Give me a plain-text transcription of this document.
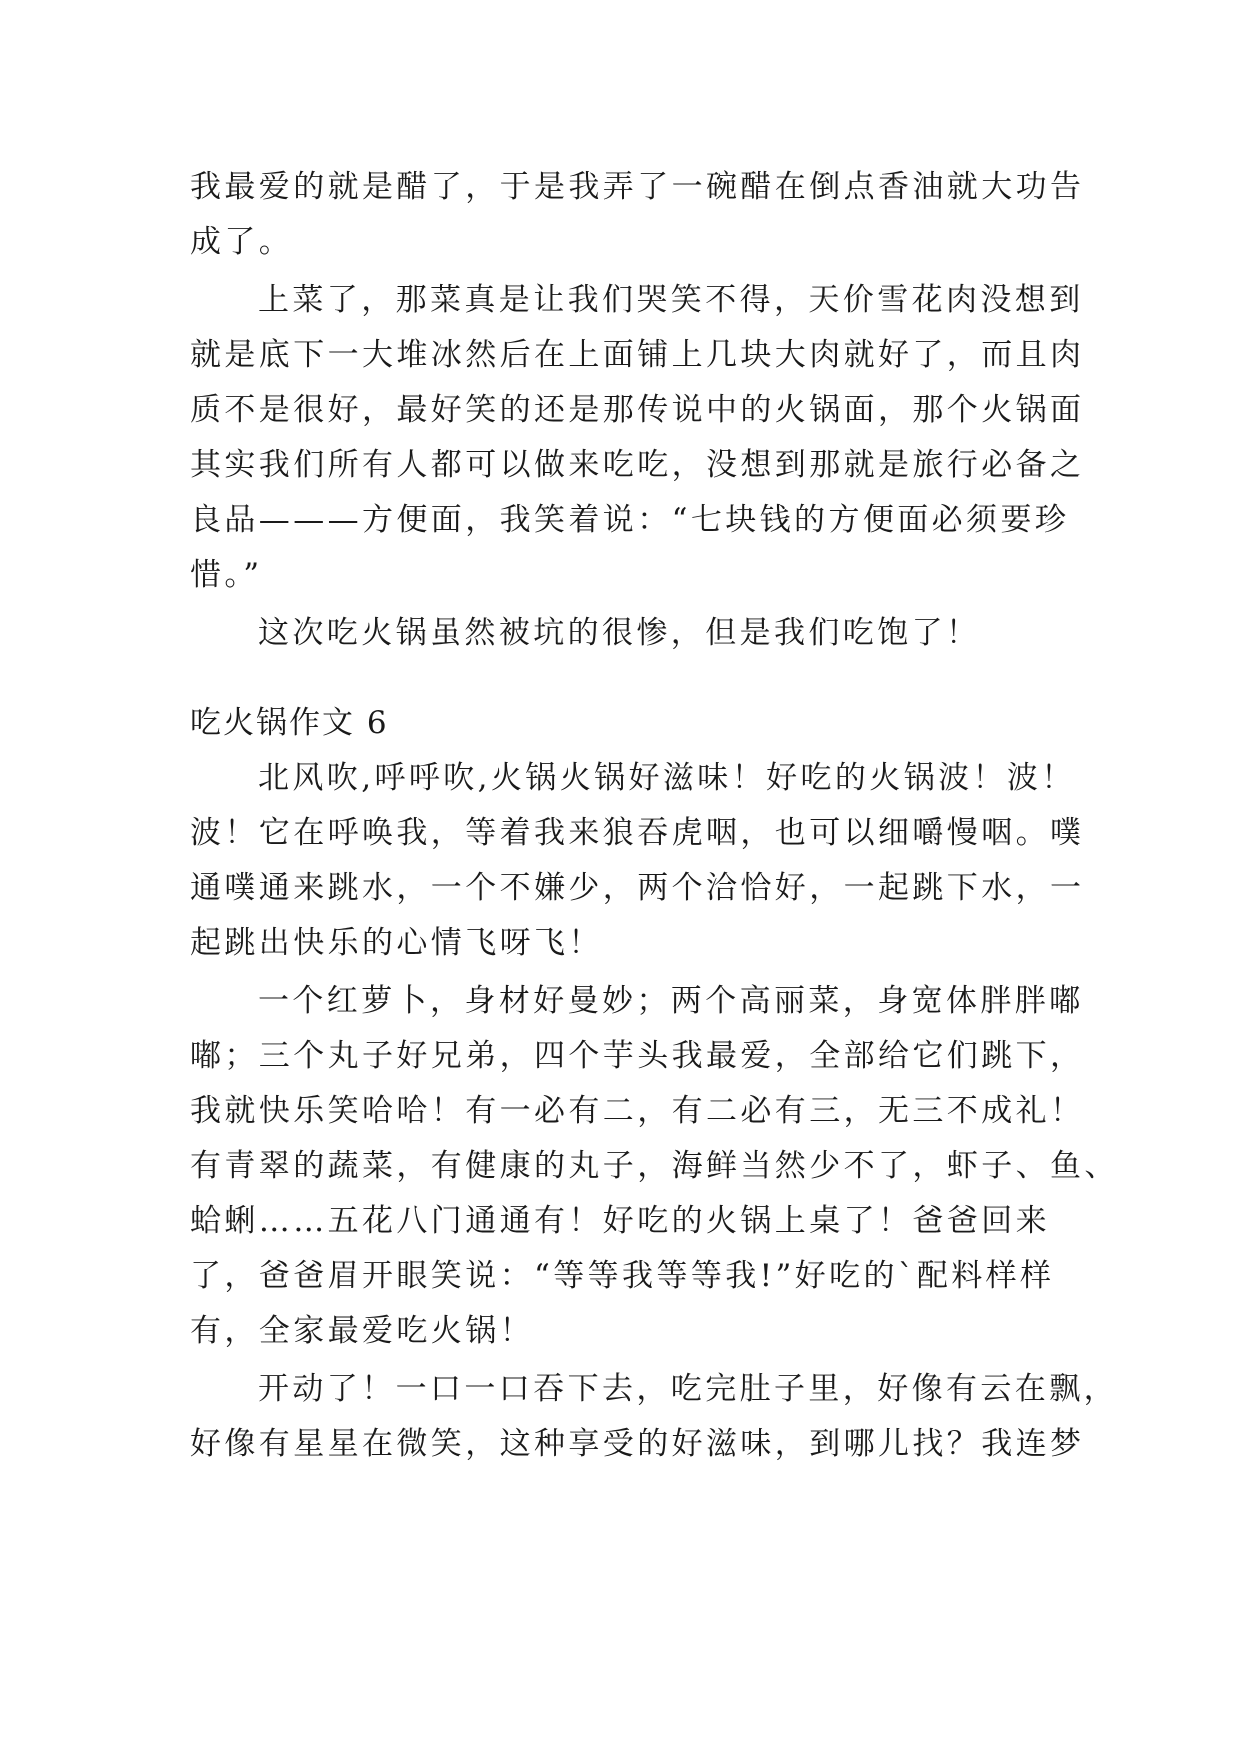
我最爱的就是醋了，于是我弄了一碗醋在倒点香油就大功告
成了。
上菜了，那菜真是让我们哭笑不得，天价雪花肉没想到
就是底下一大堆冰然后在上面铺上几块大肉就好了，而且肉
质不是很好，最好笑的还是那传说中的火锅面，那个火锅面
其实我们所有人都可以做来吃吃，没想到那就是旅行必备之
良品———方便面，我笑着说：“七块钱的方便面必须要珍
惜。”
这次吃火锅虽然被坑的很惨，但是我们吃饱了！
吃火锅作文 6
北风吹,呼呼吹,火锅火锅好滋味！好吃的火锅波！波！
波！它在呼唤我，等着我来狼吞虎咽，也可以细嚼慢咽。噗
通噗通来跳水，一个不嫌少，两个洽恰好，一起跳下水，一
起跳出快乐的心情飞呀飞！
一个红萝卜，身材好曼妙；两个高丽菜，身宽体胖胖嘟
嘟；三个丸子好兄弟，四个芋头我最爱，全部给它们跳下，
我就快乐笑哈哈！有一必有二，有二必有三，无三不成礼！
有青翠的蔬菜，有健康的丸子，海鲜当然少不了，虾子、鱼、
蛤蜊……五花八门通通有！好吃的火锅上桌了！爸爸回来
了，爸爸眉开眼笑说：“等等我等等我!”好吃的`配料样样
有，全家最爱吃火锅！
开动了！一口一口吞下去，吃完肚子里，好像有云在飘，
好像有星星在微笑，这种享受的好滋味，到哪儿找？我连梦
